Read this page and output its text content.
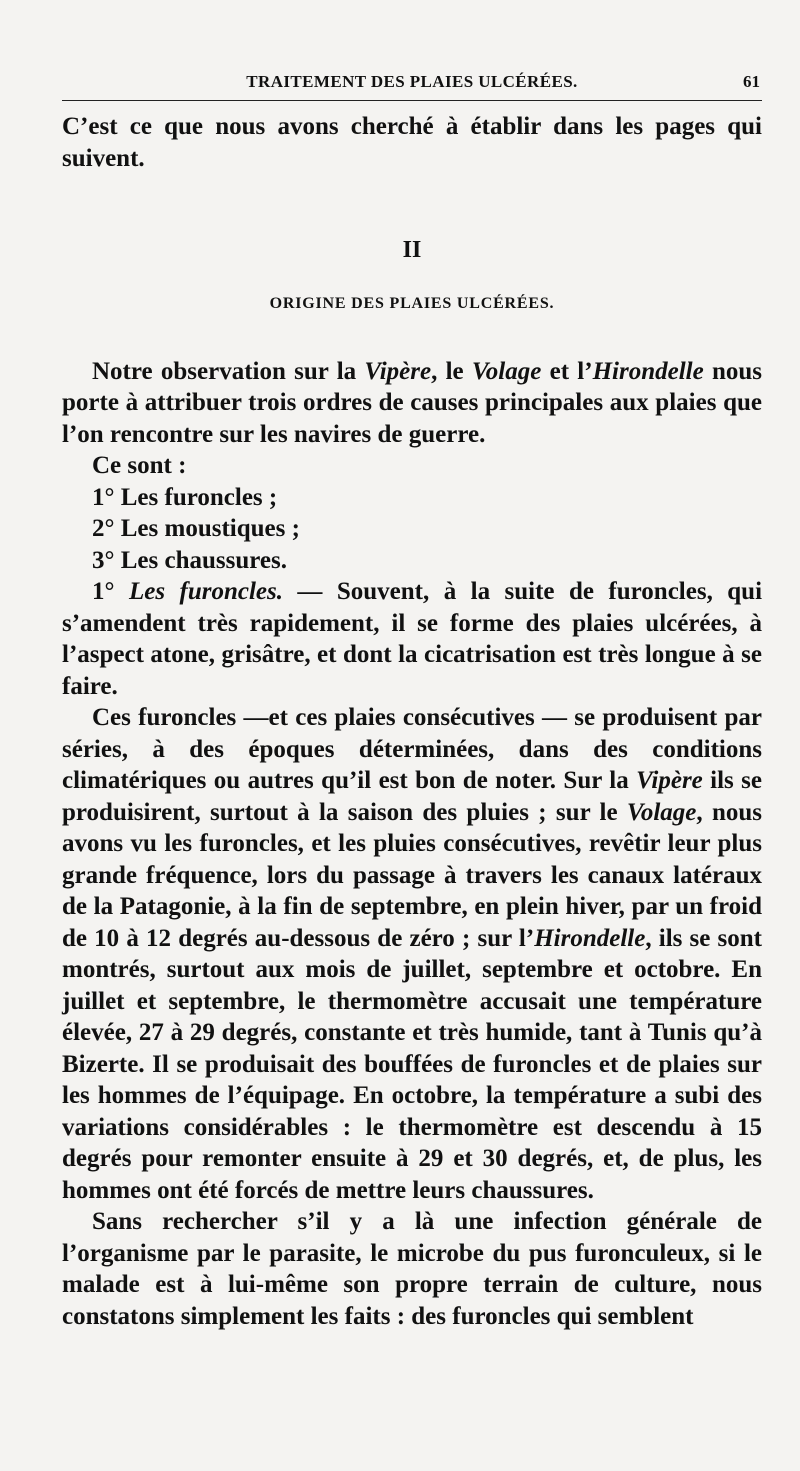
TRAITEMENT DES PLAIES ULCÉRÉES.	61

C’est ce que nous avons cherché à établir dans les pages qui suivent.

II
ORIGINE DES PLAIES ULCÉRÉES.

Notre observation sur la Vipère, le Volage et l’Hirondelle nous porte à attribuer trois ordres de causes principales aux plaies que l’on rencontre sur les navires de guerre.

Ce sont :

1° Les furoncles ;

2° Les moustiques ;

3° Les chaussures.

1° Les furoncles. — Souvent, à la suite de furoncles, qui s’amendent très rapidement, il se forme des plaies ulcérées, à l’aspect atone, grisâtre, et dont la cicatrisation est très longue à se faire.

Ces furoncles —et ces plaies consécutives — se produisent par séries, à des époques déterminées, dans des conditions climatériques ou autres qu’il est bon de noter. Sur la Vipère ils se produisirent, surtout à la saison des pluies ; sur le Volage, nous avons vu les furoncles, et les pluies consécutives, revêtir leur plus grande fréquence, lors du passage à travers les canaux latéraux de la Patagonie, à la fin de septembre, en plein hiver, par un froid de 10 à 12 degrés au-dessous de zéro ; sur l’Hirondelle, ils se sont montrés, surtout aux mois de juillet, septembre et octobre. En juillet et septembre, le thermomètre accusait une température élevée, 27 à 29 degrés, constante et très humide, tant à Tunis qu’à Bizerte. Il se produisait des bouffées de furoncles et de plaies sur les hommes de l’équipage. En octobre, la température a subi des variations considérables : le thermomètre est descendu à 15 degrés pour remonter ensuite à 29 et 30 degrés, et, de plus, les hommes ont été forcés de mettre leurs chaussures.

Sans rechercher s’il y a là une infection générale de l’organisme par le parasite, le microbe du pus furonculeux, si le malade est à lui-même son propre terrain de culture, nous constatons simplement les faits : des furoncles qui semblent
